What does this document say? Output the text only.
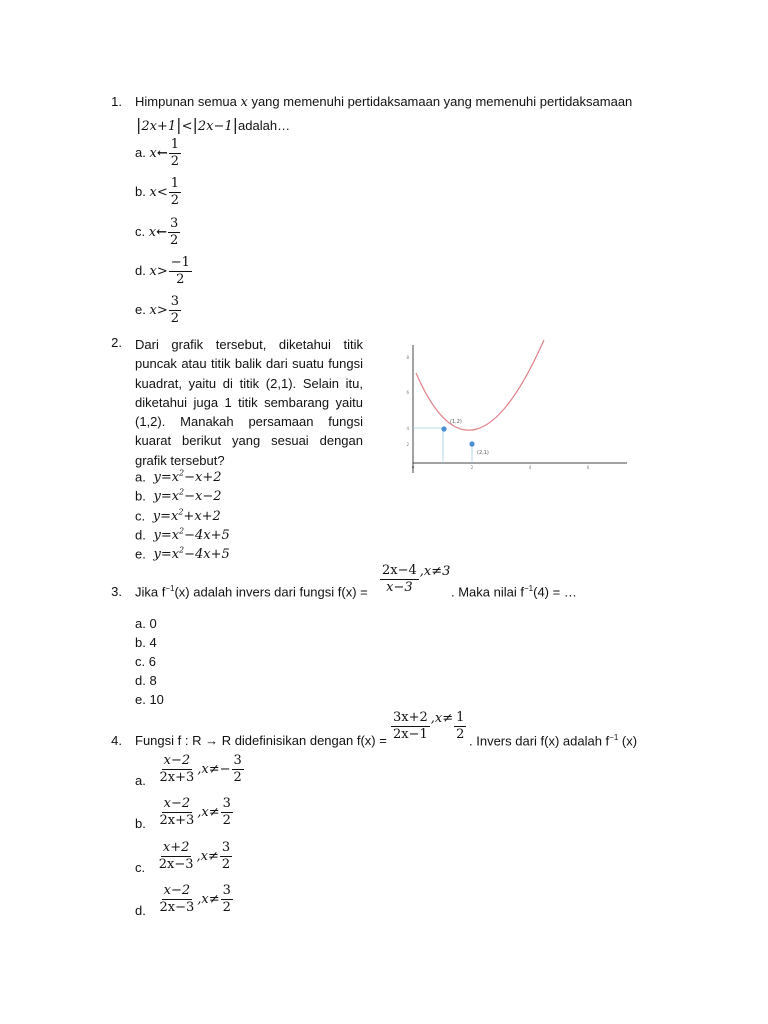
1. Himpunan semua x yang memenuhi pertidaksamaan yang memenuhi pertidaksamaan
|2x+1|<|2x−1|adalah…
a. x← $\frac{1}{2}$
b. $x< \frac{1}{2}$
c. x← $\frac{3}{2}$
d. $x> \frac{-1}{2}$
e. $x> \frac{3}{2}$
2. Dari grafik tersebut, diketahui titik puncak atau titik balik dari suatu fungsi kuadrat, yaitu di titik (2,1). Selain itu, diketahui juga 1 titik sembarang yaitu (1,2). Manakah persamaan fungsi kuarat berikut yang sesuai dengan grafik tersebut?
8
6
4
2
0	2	4	6
(1,2)
(2,1)
a. $y=x^2-x+2$
b. $y=x^2-x-2$
c. $y=x^2+x+2$
d. $y=x^2-4x+5$
e. $y=x^2-4x+5$
3. Jika $f^{-1}(x)$ adalah invers dari fungsi $f(x) = \frac{2x-4}{x-3} ,x\ne 3$
. Maka nilai $f^{-1}(4)$ = …
a. 0
b. 4
c. 6
d. 8
e. 10
4. Fungsi f : R → R didefinisikan dengan $f(x) = \frac{3x+2}{2x-1} ,x\ne \frac{1}{2}$ . Invers dari f(x) adalah $f^{-1}$ (x)
a. $\frac{x-2}{2x+3} ,x\ne- \frac{3}{2}$
b. $\frac{x-2}{2x+3} ,x\ne \frac{3}{2}$
c. $\frac{x+2}{2x-3} ,x\ne \frac{3}{2}$
d. $\frac{x-2}{2x-3} ,x\ne \frac{3}{2}$
